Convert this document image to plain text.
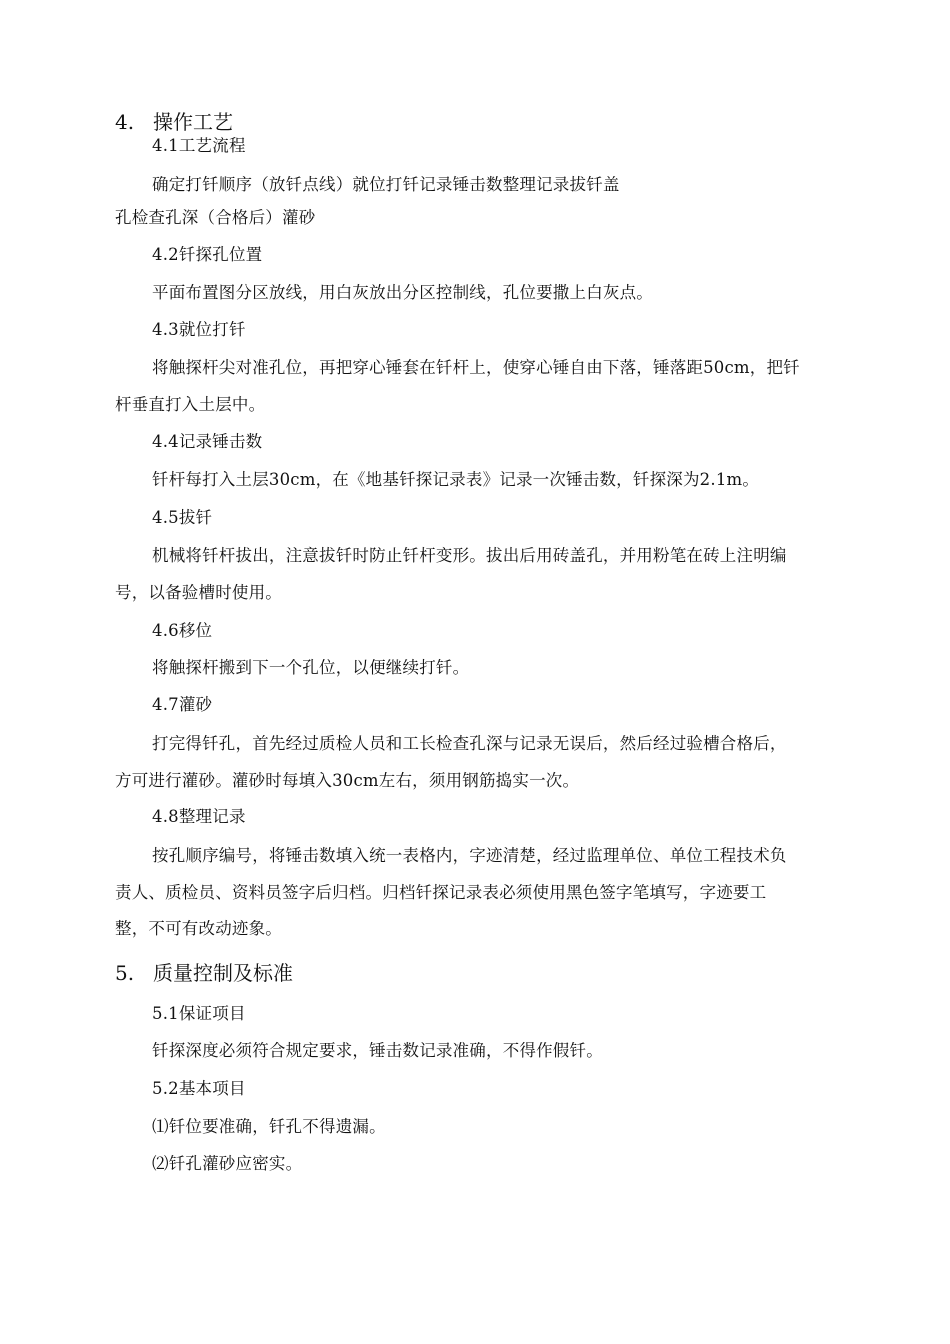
4. 操作工艺
4.1工艺流程
确定打钎顺序（放钎点线）就位打钎记录锤击数整理记录拔钎盖
孔检查孔深（合格后）灌砂
4.2钎探孔位置
平面布置图分区放线，用白灰放出分区控制线，孔位要撒上白灰点。
4.3就位打钎
将触探杆尖对准孔位，再把穿心锤套在钎杆上，使穿心锤自由下落，锤落距50cm，把钎
杆垂直打入土层中。
4.4记录锤击数
钎杆每打入土层30cm，在《地基钎探记录表》记录一次锤击数，钎探深为2.1m。
4.5拔钎
机械将钎杆拔出，注意拔钎时防止钎杆变形。拔出后用砖盖孔，并用粉笔在砖上注明编
号，以备验槽时使用。
4.6移位
将触探杆搬到下一个孔位，以便继续打钎。
4.7灌砂
打完得钎孔，首先经过质检人员和工长检查孔深与记录无误后，然后经过验槽合格后，
方可进行灌砂。灌砂时每填入30cm左右，须用钢筋捣实一次。
4.8整理记录
按孔顺序编号，将锤击数填入统一表格内，字迹清楚，经过监理单位、单位工程技术负
责人、质检员、资料员签字后归档。归档钎探记录表必须使用黑色签字笔填写，字迹要工
整，不可有改动迹象。
5. 质量控制及标准
5.1保证项目
钎探深度必须符合规定要求，锤击数记录准确，不得作假钎。
5.2基本项目
⑴钎位要准确，钎孔不得遗漏。
⑵钎孔灌砂应密实。
